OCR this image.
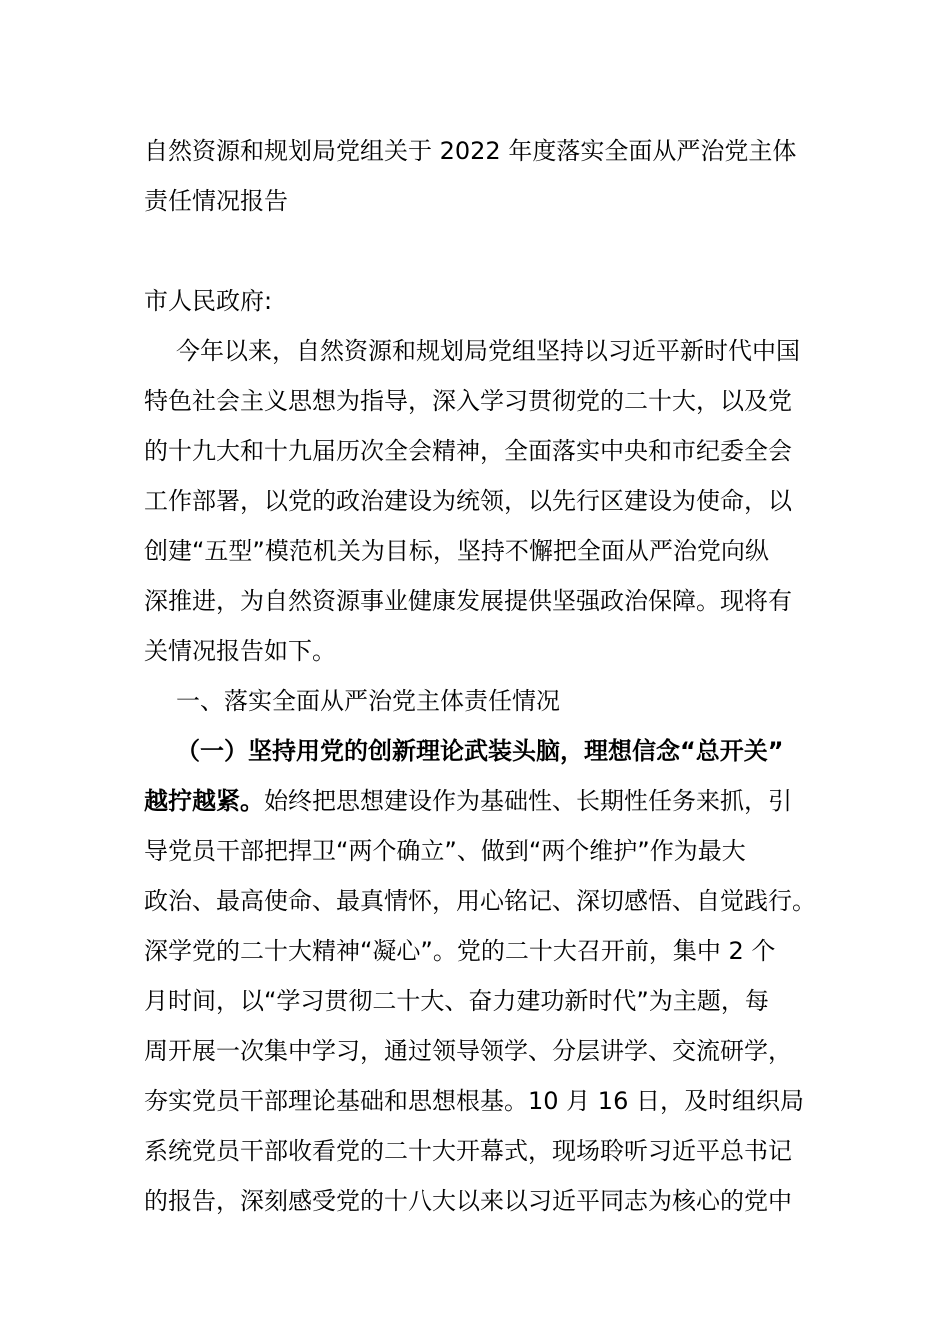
自然资源和规划局党组关于 2022 年度落实全面从严治党主体
责任情况报告
市人民政府:
今年以来，自然资源和规划局党组坚持以习近平新时代中国
特色社会主义思想为指导，深入学习贯彻党的二十大，以及党
的十九大和十九届历次全会精神，全面落实中央和市纪委全会
工作部署，以党的政治建设为统领，以先行区建设为使命，以
创建“五型”模范机关为目标，坚持不懈把全面从严治党向纵
深推进，为自然资源事业健康发展提供坚强政治保障。现将有
关情况报告如下。
一、落实全面从严治党主体责任情况
（一）坚持用党的创新理论武装头脑，理想信念“总开关”
越拧越紧。始终把思想建设作为基础性、长期性任务来抓，引
导党员干部把捍卫“两个确立”、做到“两个维护”作为最大
政治、最高使命、最真情怀，用心铭记、深切感悟、自觉践行。
深学党的二十大精神“凝心”。党的二十大召开前，集中 2 个
月时间，以“学习贯彻二十大、奋力建功新时代”为主题，每
周开展一次集中学习，通过领导领学、分层讲学、交流研学，
夯实党员干部理论基础和思想根基。10 月 16 日，及时组织局
系统党员干部收看党的二十大开幕式，现场聆听习近平总书记
的报告，深刻感受党的十八大以来以习近平同志为核心的党中
